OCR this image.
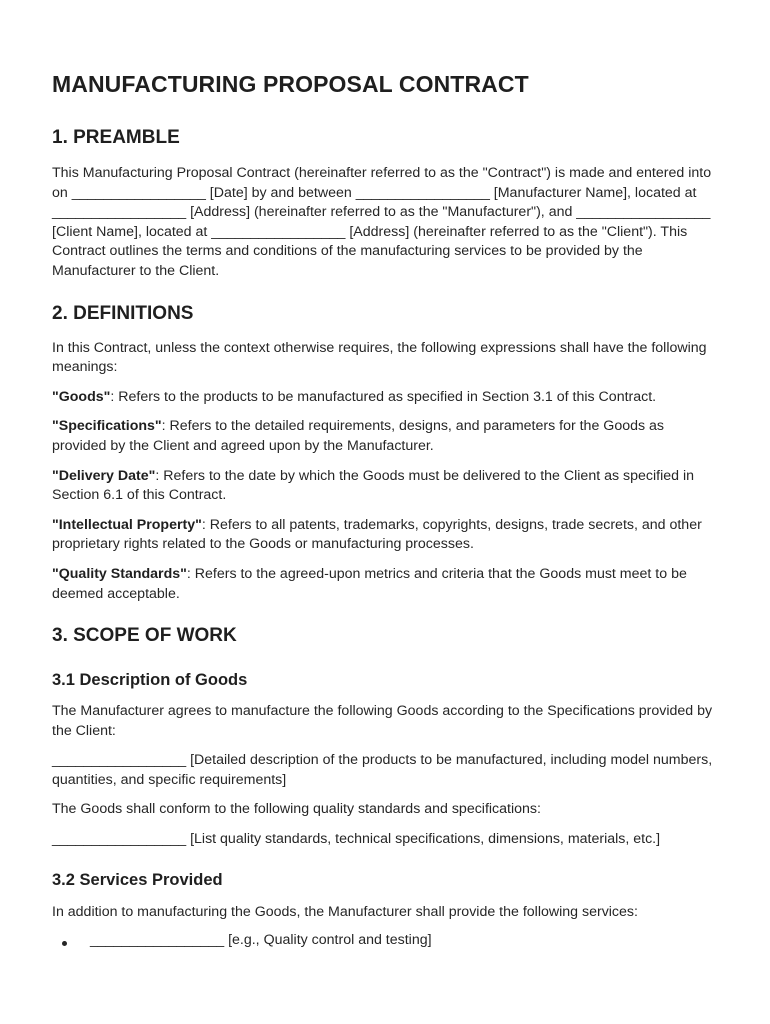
MANUFACTURING PROPOSAL CONTRACT
1. PREAMBLE

This Manufacturing Proposal Contract (hereinafter referred to as the "Contract") is made and entered into on _________________ [Date] by and between _________________ [Manufacturer Name], located at _________________ [Address] (hereinafter referred to as the "Manufacturer"), and _________________ [Client Name], located at _________________ [Address] (hereinafter referred to as the "Client"). This Contract outlines the terms and conditions of the manufacturing services to be provided by the Manufacturer to the Client.

2. DEFINITIONS

In this Contract, unless the context otherwise requires, the following expressions shall have the following meanings:

"Goods": Refers to the products to be manufactured as specified in Section 3.1 of this Contract.

"Specifications": Refers to the detailed requirements, designs, and parameters for the Goods as provided by the Client and agreed upon by the Manufacturer.

"Delivery Date": Refers to the date by which the Goods must be delivered to the Client as specified in Section 6.1 of this Contract.

"Intellectual Property": Refers to all patents, trademarks, copyrights, designs, trade secrets, and other proprietary rights related to the Goods or manufacturing processes.

"Quality Standards": Refers to the agreed-upon metrics and criteria that the Goods must meet to be deemed acceptable.

3. SCOPE OF WORK
3.1 Description of Goods

The Manufacturer agrees to manufacture the following Goods according to the Specifications provided by the Client:

_________________ [Detailed description of the products to be manufactured, including model numbers, quantities, and specific requirements]

The Goods shall conform to the following quality standards and specifications:

_________________ [List quality standards, technical specifications, dimensions, materials, etc.]

3.2 Services Provided

In addition to manufacturing the Goods, the Manufacturer shall provide the following services:

_________________ [e.g., Quality control and testing]
